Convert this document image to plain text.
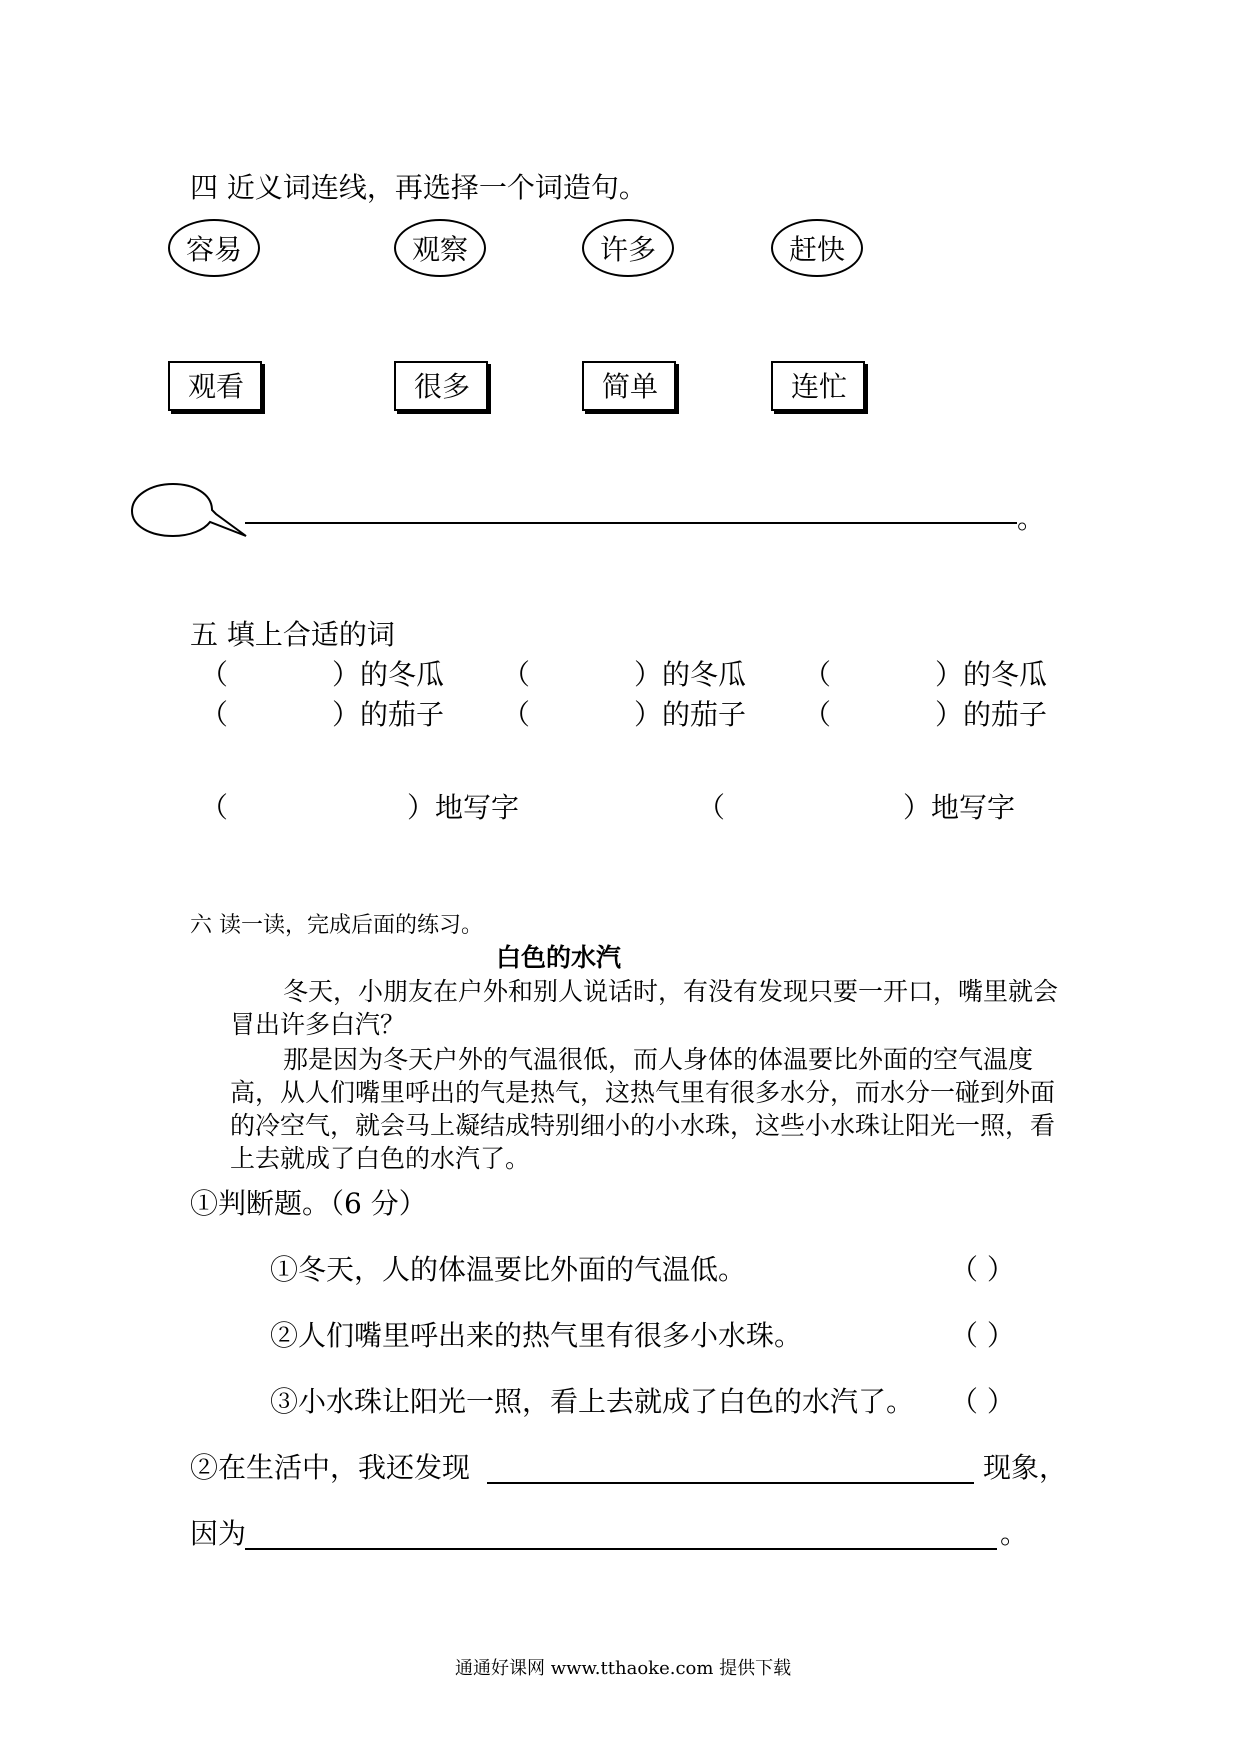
四 近义词连线，再选择一个词造句。
容易	观察	许多	赶快
观看	很多	简单	连忙
。
五 填上合适的词
（	）的冬瓜 （	）的冬瓜 （	）的冬瓜
（	）的茄子 （	）的茄子 （	）的茄子
（	）地写字	（	）地写字
六 读一读，完成后面的练习。
白色的水汽
冬天，小朋友在户外和别人说话时，有没有发现只要一开口，嘴里就会
冒出许多白汽？
那是因为冬天户外的气温很低，而人身体的体温要比外面的空气温度
高，从人们嘴里呼出的气是热气，这热气里有很多水分，而水分一碰到外面
的冷空气，就会马上凝结成特别细小的小水珠，这些小水珠让阳光一照，看
上去就成了白色的水汽了。
①判断题。（6 分）
①冬天，人的体温要比外面的气温低。	（ ）
②人们嘴里呼出来的热气里有很多小水珠。	（ ）
③小水珠让阳光一照，看上去就成了白色的水汽了。 （ ）
②在生活中，我还发现	现象，
因为	。
通通好课网 www.tthaoke.com 提供下载
